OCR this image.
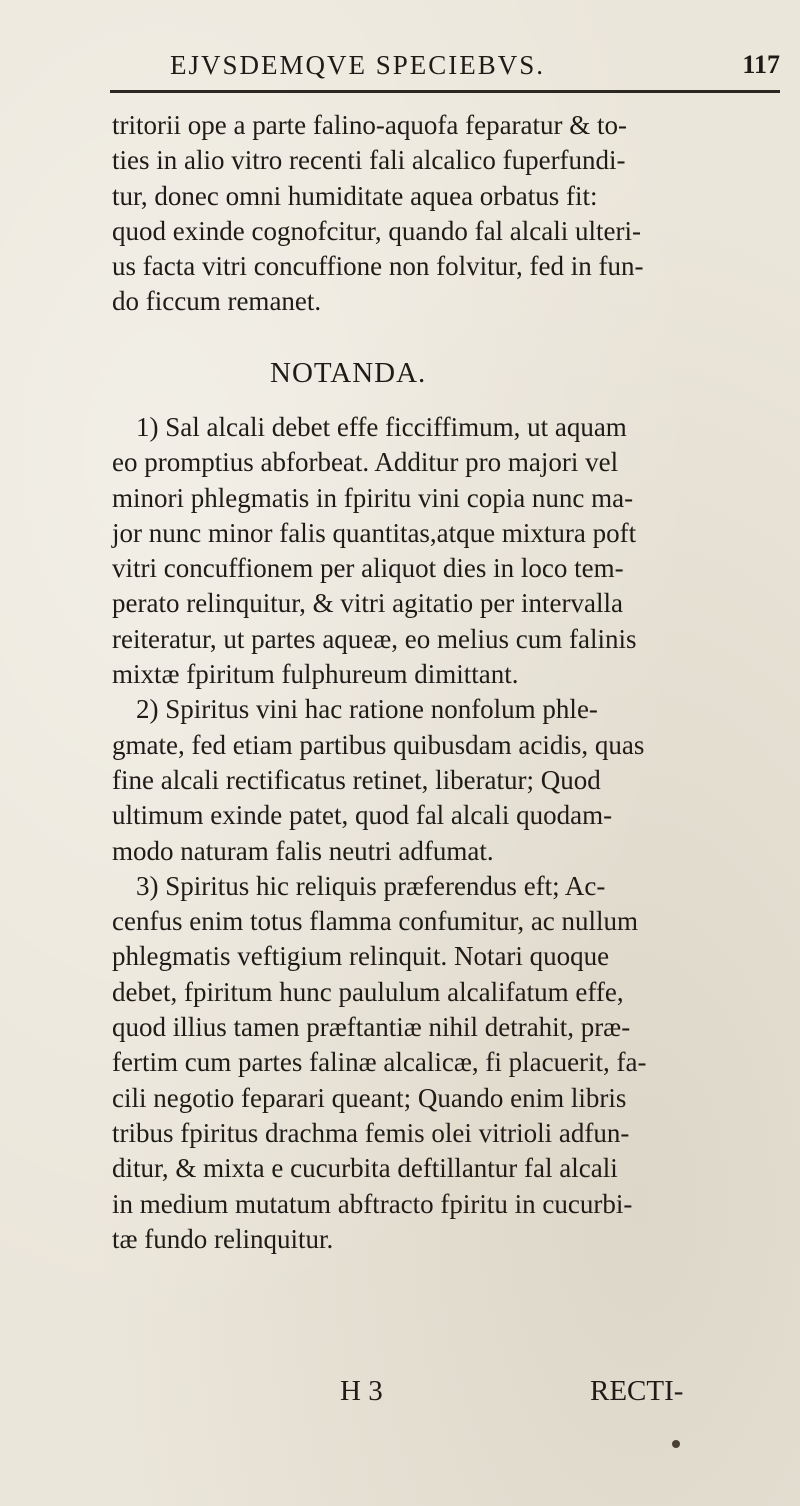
EJVSDEMQVE SPECIEBVS.	117
tritorii ope a parte falino-aquofa feparatur & to-
ties in alio vitro recenti fali alcalico fuperfundi-
tur, donec omni humiditate aquea orbatus fit:
quod exinde cognofcitur, quando fal alcali ulteri-
us facta vitri concuffione non folvitur, fed in fun-
do ficcum remanet.
NOTANDA.
1) Sal alcali debet effe ficciffimum, ut aquam
eo promptius abforbeat. Additur pro majori vel
minori phlegmatis in fpiritu vini copia nunc ma-
jor nunc minor falis quantitas,atque mixtura poft
vitri concuffionem per aliquot dies in loco tem-
perato relinquitur, & vitri agitatio per intervalla
reiteratur, ut partes aqueæ, eo melius cum falinis
mixtæ fpiritum fulphureum dimittant.
2) Spiritus vini hac ratione nonfolum phle-
gmate, fed etiam partibus quibusdam acidis, quas
fine alcali rectificatus retinet, liberatur; Quod
ultimum exinde patet, quod fal alcali quodam-
modo naturam falis neutri adfumat.
3) Spiritus hic reliquis præferendus eft; Ac-
cenfus enim totus flamma confumitur, ac nullum
phlegmatis veftigium relinquit. Notari quoque
debet, fpiritum hunc paululum alcalifatum effe,
quod illius tamen præftantiæ nihil detrahit, præ-
fertim cum partes falinæ alcalicæ, fi placuerit, fa-
cili negotio feparari queant; Quando enim libris
tribus fpiritus drachma femis olei vitrioli adfun-
ditur, & mixta e cucurbita deftillantur fal alcali
in medium mutatum abftracto fpiritu in cucurbi-
tæ fundo relinquitur.
H 3	RECTI-
